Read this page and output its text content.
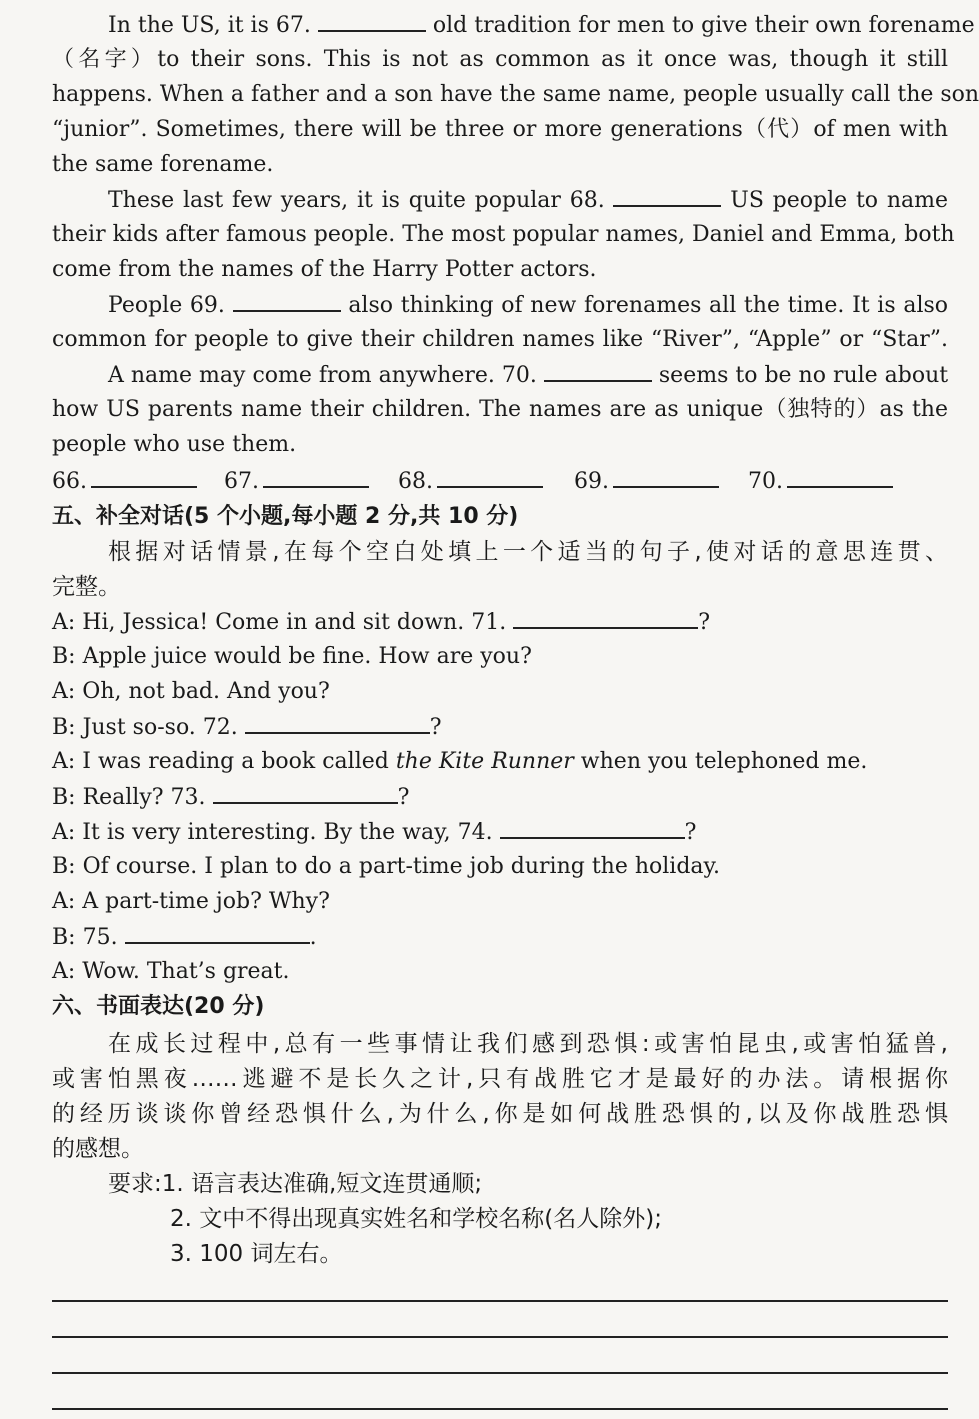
In the US, it is 67.	old tradition for men to give their own forename
（名字）to their sons. This is not as common as it once was, though it still
happens. When a father and a son have the same name, people usually call the son
“junior”. Sometimes, there will be three or more generations（代）of men with
the same forename.
These last few years, it is quite popular 68.	US people to name
their kids after famous people. The most popular names, Daniel and Emma, both
come from the names of the Harry Potter actors.
People 69.	also thinking of new forenames all the time. It is also
common for people to give their children names like “River”, “Apple” or “Star”.
A name may come from anywhere. 70.	seems to be no rule about
how US parents name their children. The names are as unique（独特的）as the
people who use them.
66.	67.	68.	69.	70.
五、补全对话(5 个小题,每小题 2 分,共 10 分)
根据对话情景,在每个空白处填上一个适当的句子,使对话的意思连贯、
完整。
A: Hi, Jessica! Come in and sit down. 71.	?
B: Apple juice would be fine. How are you?
A: Oh, not bad. And you?
B: Just so-so. 72.	?
A: I was reading a book called the Kite Runner when you telephoned me.
B: Really? 73.	?
A: It is very interesting. By the way, 74.	?
B: Of course. I plan to do a part-time job during the holiday.
A: A part-time job? Why?
B: 75.	.
A: Wow. That’s great.
六、书面表达(20 分)
在成长过程中,总有一些事情让我们感到恐惧:或害怕昆虫,或害怕猛兽,
或害怕黑夜……逃避不是长久之计,只有战胜它才是最好的办法。请根据你
的经历谈谈你曾经恐惧什么,为什么,你是如何战胜恐惧的,以及你战胜恐惧
的感想。
要求:1. 语言表达准确,短文连贯通顺;
2. 文中不得出现真实姓名和学校名称(名人除外);
3. 100 词左右。
